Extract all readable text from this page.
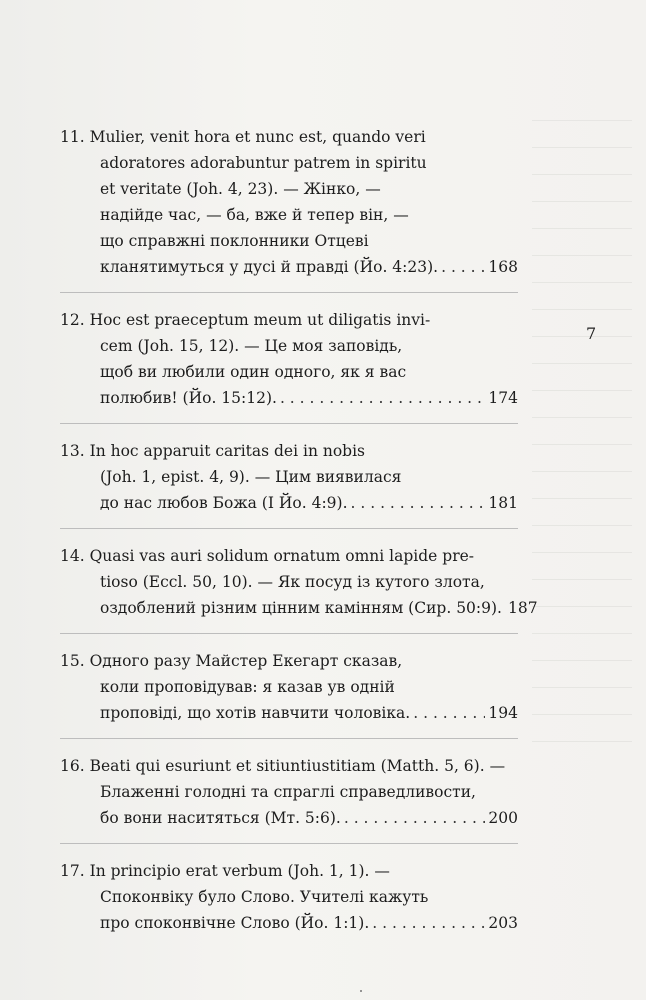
7
11. Mulier, venit hora et nunc est, quando veri
adoratores adorabuntur patrem in spiritu
et veritate (Joh. 4, 23). — Жінко, —
надійде час, — ба, вже й тепер він, —
що справжні поклонники Отцеві
кланятимуться у дусі й правді (Йо. 4:23). . . .	168
12. Hoc est praeceptum meum ut diligatis invi-
cem (Joh. 15, 12). — Це моя заповідь,
щоб ви любили один одного, як я вас
полюбив! (Йо. 15:12). . . .	174
13. In hoc apparuit caritas dei in nobis
(Joh. 1, epist. 4, 9). — Цим виявилася
до нас любов Божа (I Йо. 4:9). . . .	181
14. Quasi vas auri solidum ornatum omni lapide pre-
tioso (Eccl. 50, 10). — Як посуд із кутого злота,
оздоблений різним цінним камінням (Сир. 50:9). 187
15. Одного разу Майстер Екегарт сказав,
коли проповідував: я казав ув одній
проповіді, що хотів навчити чоловіка. . . .	194
16. Beati qui esuriunt et sitiuntiustitiam (Matth. 5, 6). —
Блаженні голодні та спраглі справедливости,
бо вони наситяться (Мт. 5:6). . . .	200
17. In principio erat verbum (Joh. 1, 1). —
Споконвіку було Слово. Учителі кажуть
про споконвічне Слово (Йо. 1:1). . . .	203
